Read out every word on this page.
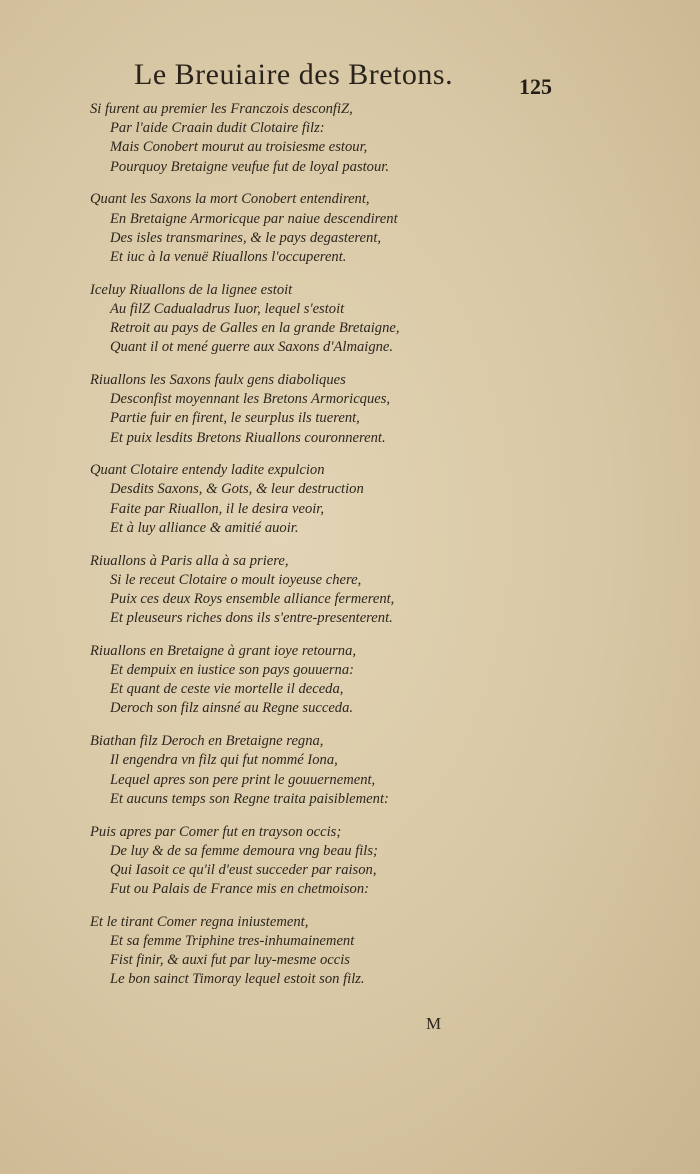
Le Breuiaire des Bretons.	125
Si furent au premier les Franczois desconfiZ,
Par l'aide Craain dudit Clotaire filz:
Mais Conobert mourut au troisiesme estour,
Pourquoy Bretaigne veufue fut de loyal pastour.
Quant les Saxons la mort Conobert entendirent,
En Bretaigne Armoricque par naiue descendirent
Des isles transmarines, & le pays degasterent,
Et iuc à la venuë Riuallons l'occuperent.
Iceluy Riuallons de la lignee estoit
Au filZ Cadualadrus Iuor, lequel s'estoit
Retroit au pays de Galles en la grande Bretaigne,
Quant il ot mené guerre aux Saxons d'Almaigne.
Riuallons les Saxons faulx gens diaboliques
Desconfist moyennant les Bretons Armoricques,
Partie fuir en firent, le seurplus ils tuerent,
Et puix lesdits Bretons Riuallons couronnerent.
Quant Clotaire entendy ladite expulcion
Desdits Saxons, & Gots, & leur destruction
Faite par Riuallon, il le desira veoir,
Et à luy alliance & amitié auoir.
Riuallons à Paris alla à sa priere,
Si le receut Clotaire o moult ioyeuse chere,
Puix ces deux Roys ensemble alliance fermerent,
Et pleuseurs riches dons ils s'entre-presenterent.
Riuallons en Bretaigne à grant ioye retourna,
Et dempuix en iustice son pays gouuerna:
Et quant de ceste vie mortelle il deceda,
Deroch son filz ainsné au Regne succeda.
Biathan filz Deroch en Bretaigne regna,
Il engendra vn filz qui fut nommé Iona,
Lequel apres son pere print le gouuernement,
Et aucuns temps son Regne traita paisiblement:
Puis apres par Comer fut en trayson occis;
De luy & de sa femme demoura vng beau fils;
Qui Iasoit ce qu'il d'eust succeder par raison,
Fut ou Palais de France mis en chetmoison:
Et le tirant Comer regna iniustement,
Et sa femme Triphine tres-inhumainement
Fist finir, & auxi fut par luy-mesme occis
Le bon sainct Timoray lequel estoit son filz.
M
